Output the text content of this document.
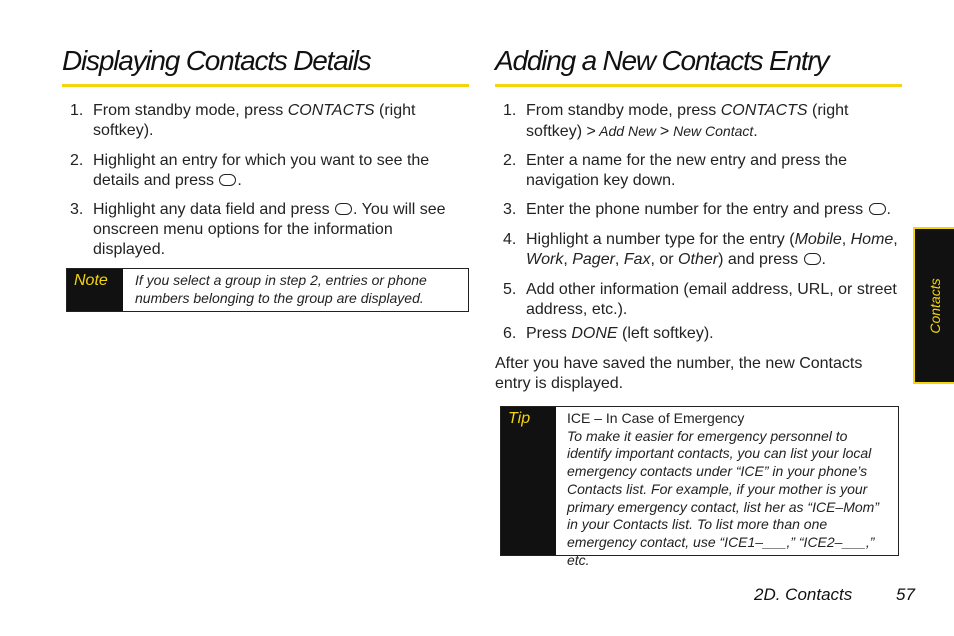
Displaying Contacts Details
1. From standby mode, press CONTACTS (right softkey).
2. Highlight an entry for which you want to see the details and press .
3. Highlight any data field and press . You will see onscreen menu options for the information displayed.
Note	If you select a group in step 2, entries or phone numbers belonging to the group are displayed.
Adding a New Contacts Entry
1. From standby mode, press CONTACTS (right softkey) > Add New > New Contact.
2. Enter a name for the new entry and press the navigation key down.
3. Enter the phone number for the entry and press .
4. Highlight a number type for the entry (Mobile, Home, Work, Pager, Fax, or Other) and press .
5. Add other information (email address, URL, or street address, etc.).
6. Press DONE (left softkey).
After you have saved the number, the new Contacts entry is displayed.
Tip	ICE – In Case of Emergency
To make it easier for emergency personnel to identify important contacts, you can list your local emergency contacts under “ICE” in your phone’s Contacts list. For example, if your mother is your primary emergency contact, list her as “ICE–Mom” in your Contacts list. To list more than one emergency contact, use “ICE1–___,” “ICE2–___,” etc.
Contacts
2D. Contacts	57
